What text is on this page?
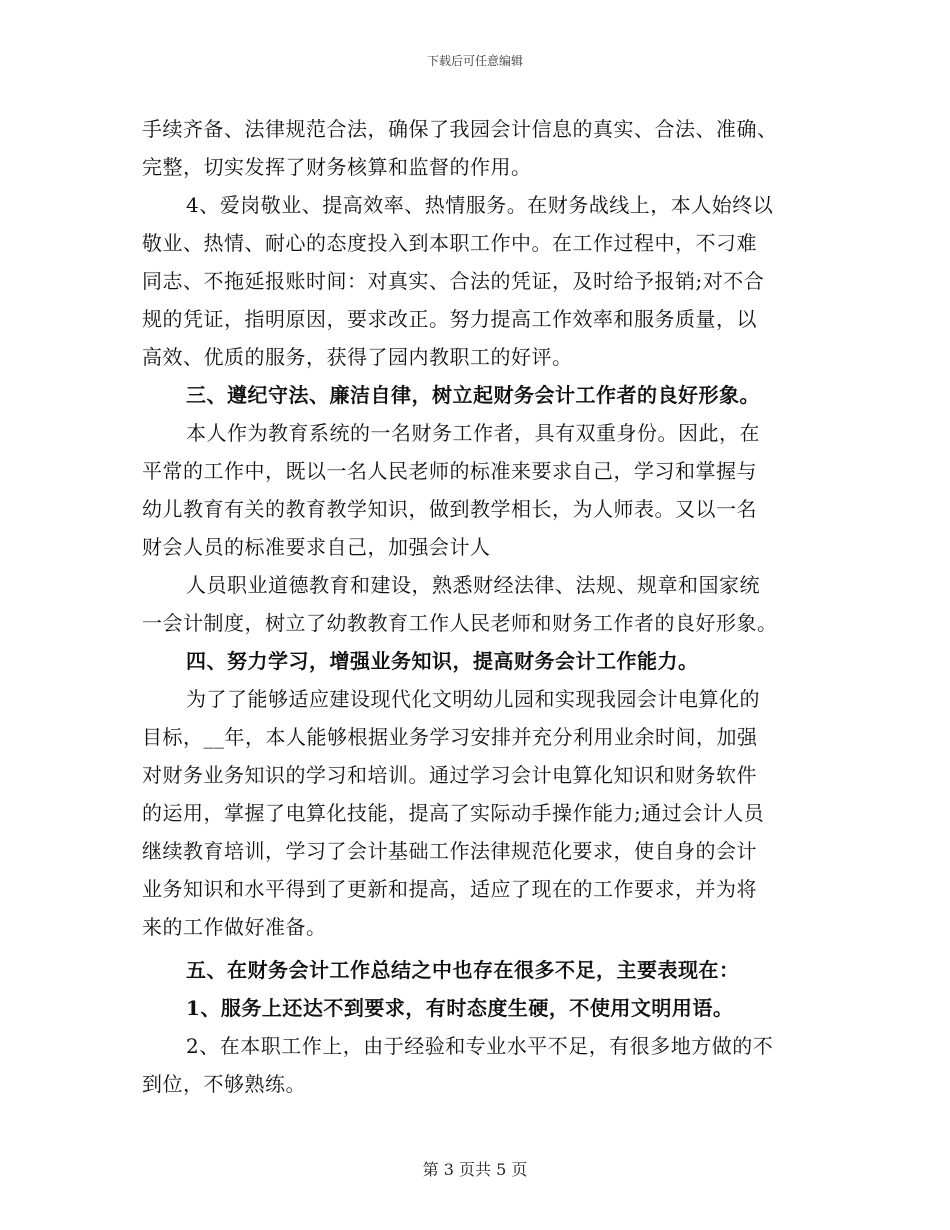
下载后可任意编辑
手续齐备、法律规范合法，确保了我园会计信息的真实、合法、准确、
完整，切实发挥了财务核算和监督的作用。
4、爱岗敬业、提高效率、热情服务。在财务战线上，本人始终以
敬业、热情、耐心的态度投入到本职工作中。在工作过程中，不刁难
同志、不拖延报账时间：对真实、合法的凭证，及时给予报销;对不合
规的凭证，指明原因，要求改正。努力提高工作效率和服务质量，以
高效、优质的服务，获得了园内教职工的好评。
三、遵纪守法、廉洁自律，树立起财务会计工作者的良好形象。
本人作为教育系统的一名财务工作者，具有双重身份。因此，在
平常的工作中，既以一名人民老师的标准来要求自己，学习和掌握与
幼儿教育有关的教育教学知识，做到教学相长，为人师表。又以一名
财会人员的标准要求自己，加强会计人
人员职业道德教育和建设，熟悉财经法律、法规、规章和国家统
一会计制度，树立了幼教教育工作人民老师和财务工作者的良好形象。
四、努力学习，增强业务知识，提高财务会计工作能力。
为了了能够适应建设现代化文明幼儿园和实现我园会计电算化的
目标，__年，本人能够根据业务学习安排并充分利用业余时间，加强
对财务业务知识的学习和培训。通过学习会计电算化知识和财务软件
的运用，掌握了电算化技能，提高了实际动手操作能力;通过会计人员
继续教育培训，学习了会计基础工作法律规范化要求，使自身的会计
业务知识和水平得到了更新和提高，适应了现在的工作要求，并为将
来的工作做好准备。
五、在财务会计工作总结之中也存在很多不足，主要表现在：
1、服务上还达不到要求，有时态度生硬，不使用文明用语。
2、在本职工作上，由于经验和专业水平不足，有很多地方做的不
到位，不够熟练。
第 3 页共 5 页
